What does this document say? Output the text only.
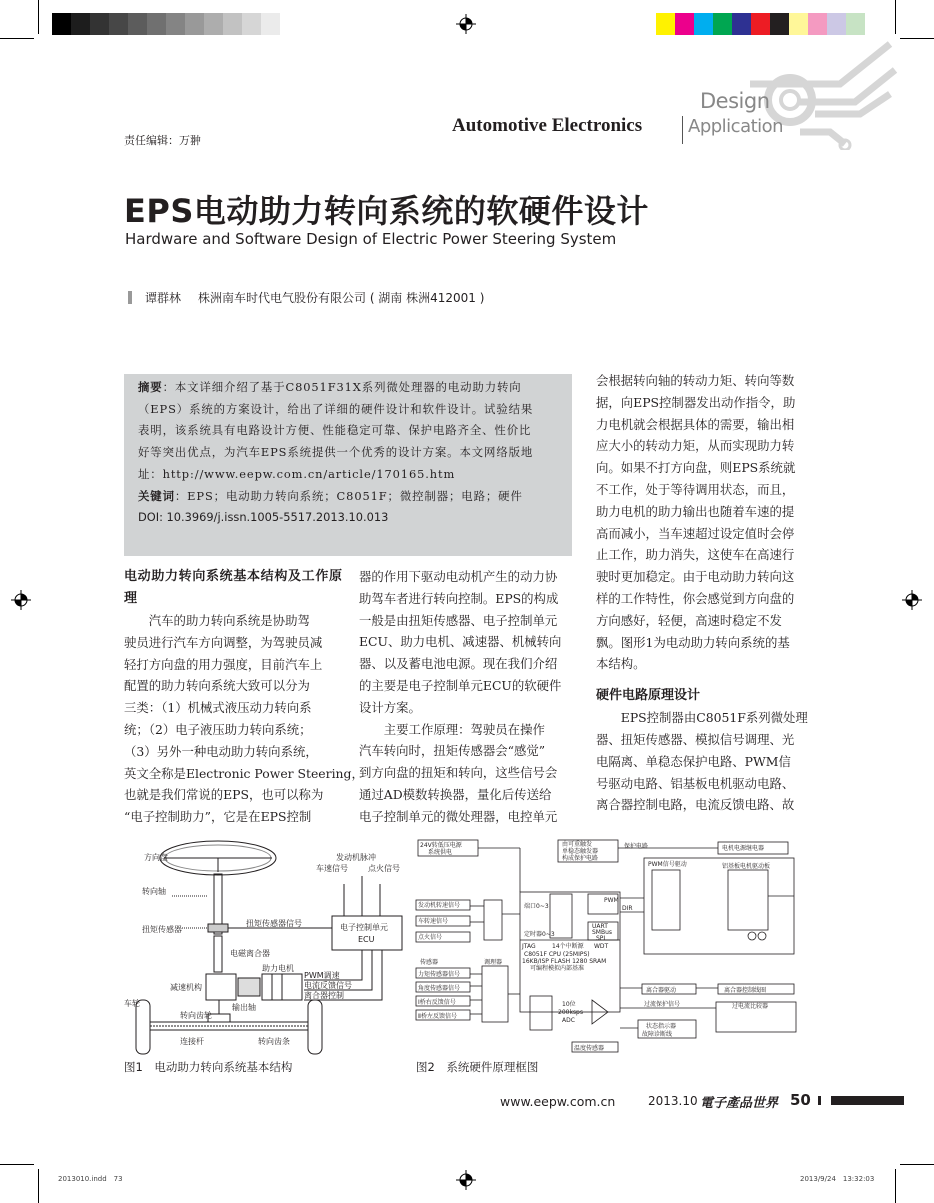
责任编辑：万翀
Automotive Electronics
Design
Application
EPS电动助力转向系统的软硬件设计
Hardware and Software Design of Electric Power Steering System
谭群林 株洲南车时代电气股份有限公司 ( 湖南 株洲412001 )
摘要：本文详细介绍了基于C8051F31X系列微处理器的电动助力转向
（EPS）系统的方案设计，给出了详细的硬件设计和软件设计。试验结果
表明，该系统具有电路设计方便、性能稳定可靠、保护电路齐全、性价比
好等突出优点，为汽车EPS系统提供一个优秀的设计方案。本文网络版地
址：http://www.eepw.com.cn/article/170165.htm
关键词：EPS；电动助力转向系统；C8051F；微控制器；电路；硬件
DOI: 10.3969/j.issn.1005-5517.2013.10.013

电动助力转向系统基本结构及工作原理

　　汽车的助力转向系统是协助驾
驶员进行汽车方向调整，为驾驶员减
轻打方向盘的用力强度，目前汽车上
配置的助力转向系统大致可以分为
三类：（1）机械式液压动力转向系
统；（2）电子液压助力转向系统；
（3）另外一种电动助力转向系统，
英文全称是Electronic Power Steering，
也就是我们常说的EPS，也可以称为
“电子控制助力”，它是在EPS控制
器的作用下驱动电动机产生的动力协
助驾车者进行转向控制。EPS的构成
一般是由扭矩传感器、电子控制单元
ECU、助力电机、减速器、机械转向
器、以及蓄电池电源。现在我们介绍
的主要是电子控制单元ECU的软硬件
设计方案。
　　主要工作原理：驾驶员在操作
汽车转向时，扭矩传感器会“感觉”
到方向盘的扭矩和转向，这些信号会
通过AD模数转换器，量化后传送给
电子控制单元的微处理器，电控单元
会根据转向轴的转动力矩、转向等数
据，向EPS控制器发出动作指令，助
力电机就会根据具体的需要，输出相
应大小的转动力矩，从而实现助力转
向。如果不打方向盘，则EPS系统就
不工作，处于等待调用状态，而且，
助力电机的助力输出也随着车速的提
高而减小，当车速超过设定值时会停
止工作，助力消失，这使车在高速行
驶时更加稳定。由于电动助力转向这
样的工作特性，你会感觉到方向盘的
方向感好，轻便，高速时稳定不发
飘。图形1为电动助力转向系统的基
本结构。

硬件电路原理设计

　　EPS控制器由C8051F系列微处理
器、扭矩传感器、模拟信号调理、光
电隔离、单稳态保护电路、PWM信
号驱动电路、铝基板电机驱动电路、
离合器控制电路，电流反馈电路、故
方向盘
转向轴
扭矩传感器
扭矩传感器信号
电磁离合器
助力电机
减速机构
车轮
转向齿轮
输出轴
连接杆	转向齿条
发动机脉冲
车速信号	点火信号
电子控制单元
ECU
PWM调速
电流反馈信号
离合器控制
图1　电动助力转向系统基本结构
24V转低压电源
系统供电
由可重触发
单稳态触发器
构成保护电路
保护电路	电机电源继电器
PWM信号驱动	铝基板电机驱动板
发动机转速信号
车转速信号
点火信号
端口0~3
定时器0~3
PWM
DIR
UART
SMBus
SPI
JTAG	14个中断源 WDT
C8051F CPU (25MIPS)
16KB/ISP FLASH 1280 SRAM
可编程模拟内部基准
传感器	调理器
力矩传感器信号
角度传感器信号
Ⅰ桥右反馈信号
Ⅱ桥左反馈信号
10位
200ksps
ADC
温度传感器
离合器驱动	离合器控制线圈
过流保护信号	过电流比较器
状态指示器
故障诊断线
图2　系统硬件原理框图
www.eepw.com.cn	2013.10 電子產品世界 50
2013010.indd　73	2013/9/24　13:32:03
